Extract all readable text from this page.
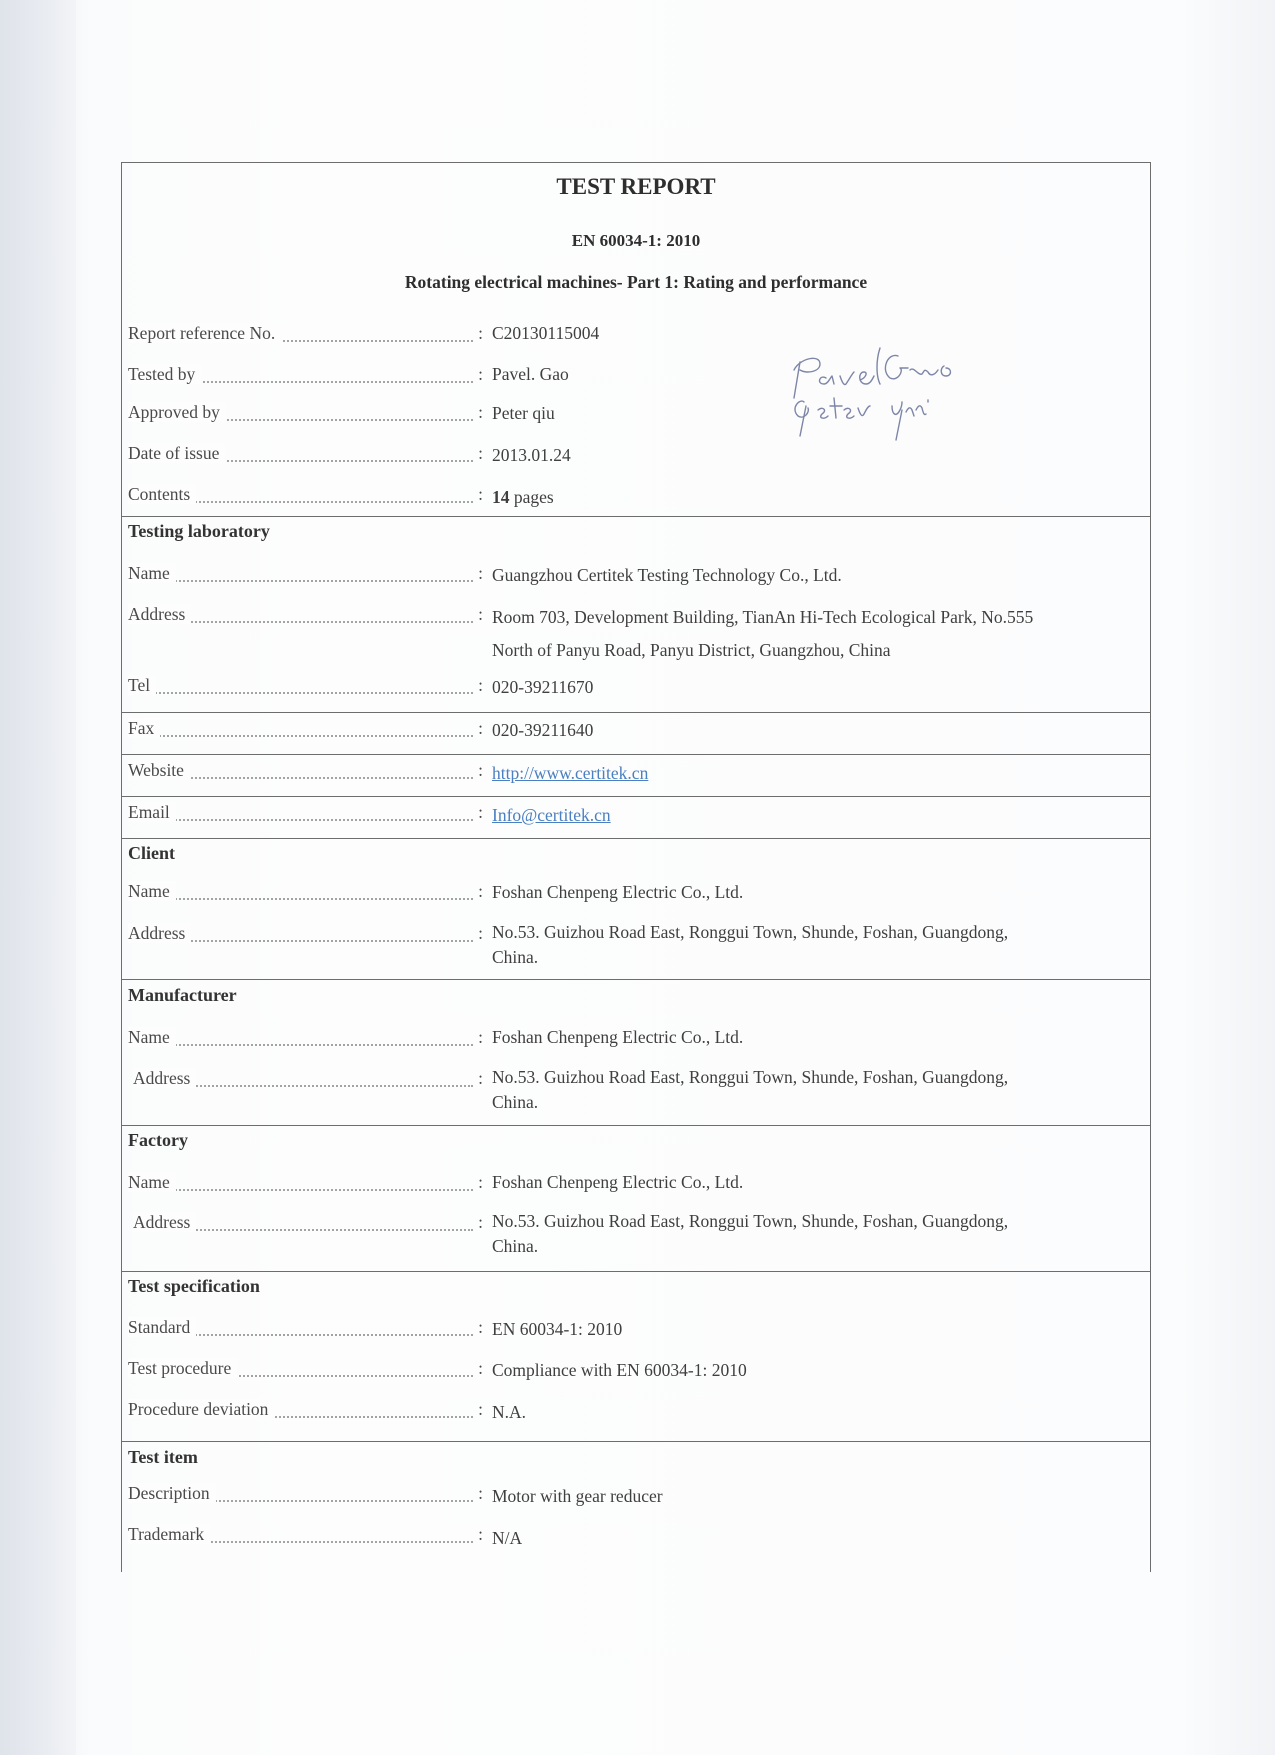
TEST REPORT
EN 60034-1: 2010
Rotating electrical machines- Part 1: Rating and performance
Report reference No.	: C20130115004
Tested by	: Pavel. Gao
Approved by	: Peter qiu
Date of issue	: 2013.01.24
Contents	: 14 pages
Testing laboratory
Name	: Guangzhou Certitek Testing Technology Co., Ltd.
Address	: Room 703, Development Building, TianAn Hi-Tech Ecological Park, No.555
North of Panyu Road, Panyu District, Guangzhou, China
Tel	: 020-39211670
Fax	: 020-39211640
Website	: http://www.certitek.cn
Email	: Info@certitek.cn
Client
Name	: Foshan Chenpeng Electric Co., Ltd.
Address	: No.53. Guizhou Road East, Ronggui Town, Shunde, Foshan, Guangdong,
China.
Manufacturer
Name	: Foshan Chenpeng Electric Co., Ltd.
Address	: No.53. Guizhou Road East, Ronggui Town, Shunde, Foshan, Guangdong,
China.
Factory
Name	: Foshan Chenpeng Electric Co., Ltd.
Address	: No.53. Guizhou Road East, Ronggui Town, Shunde, Foshan, Guangdong,
China.
Test specification
Standard	: EN 60034-1: 2010
Test procedure	: Compliance with EN 60034-1: 2010
Procedure deviation	: N.A.
Test item
Description	: Motor with gear reducer
Trademark	: N/A
